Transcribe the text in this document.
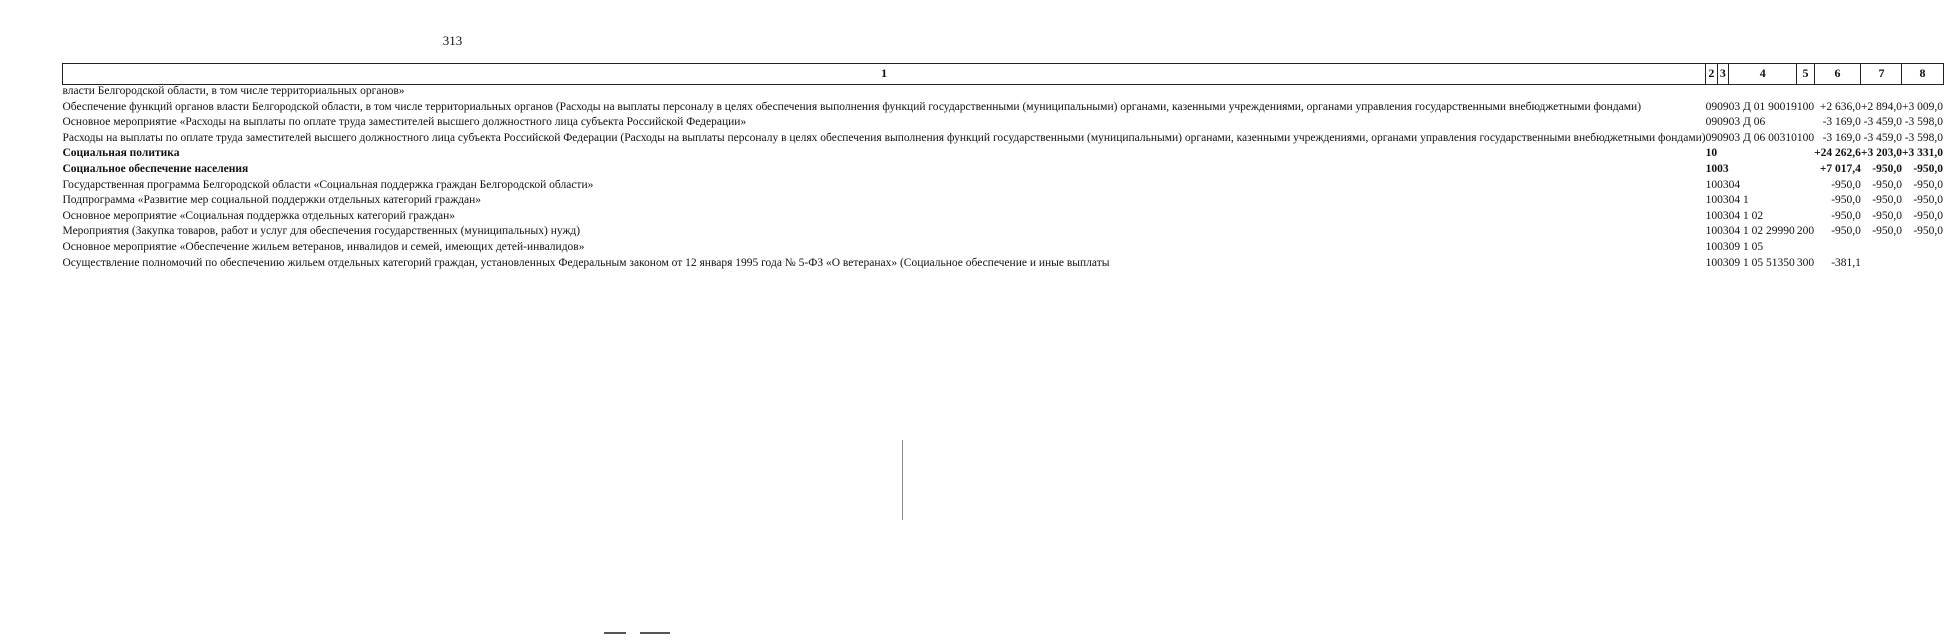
313
1	2	3	4	5	6	7	8
власти Белгородской области, в том числе территориальных органов»							
Обеспечение функций органов власти Белгородской области, в том числе территориальных органов (Расходы на выплаты персоналу в целях обеспечения выполнения функций государственными (муниципальными) органами, казенными учреждениями, органами управления государственными внебюджетными фондами)	09	09	03 Д 01 90019	100	+2 636,0	+2 894,0	+3 009,0
Основное мероприятие «Расходы на выплаты по оплате труда заместителей высшего должностного лица субъекта Российской Федерации»	09	09	03 Д 06		-3 169,0	-3 459,0	-3 598,0
Расходы на выплаты по оплате труда заместителей высшего должностного лица субъекта Российской Федерации (Расходы на выплаты персоналу в целях обеспечения выполнения функций государственными (муниципальными) органами, казенными учреждениями, органами управления государственными внебюджетными фондами)	09	09	03 Д 06 00310	100	-3 169,0	-3 459,0	-3 598,0
Социальная политика	10				+24 262,6	+3 203,0	+3 331,0
Социальное обеспечение населения	10	03			+7 017,4	-950,0	-950,0
Государственная программа Белгородской области «Социальная поддержка граждан Белгородской области»	10	03	04		-950,0	-950,0	-950,0
Подпрограмма «Развитие мер социальной поддержки отдельных категорий граждан»	10	03	04 1		-950,0	-950,0	-950,0
Основное мероприятие «Социальная поддержка отдельных категорий граждан»	10	03	04 1 02		-950,0	-950,0	-950,0
Мероприятия (Закупка товаров, работ и услуг для обеспечения государственных (муниципальных) нужд)	10	03	04 1 02 29990	200	-950,0	-950,0	-950,0
Основное мероприятие «Обеспечение жильем ветеранов, инвалидов и семей, имеющих детей-инвалидов»	10	03	09 1 05				
Осуществление полномочий по обеспечению жильем отдельных категорий граждан, установленных Федеральным законом от 12 января 1995 года № 5-ФЗ «О ветеранах» (Социальное обеспечение и иные выплаты	10	03	09 1 05 51350	300	-381,1		
